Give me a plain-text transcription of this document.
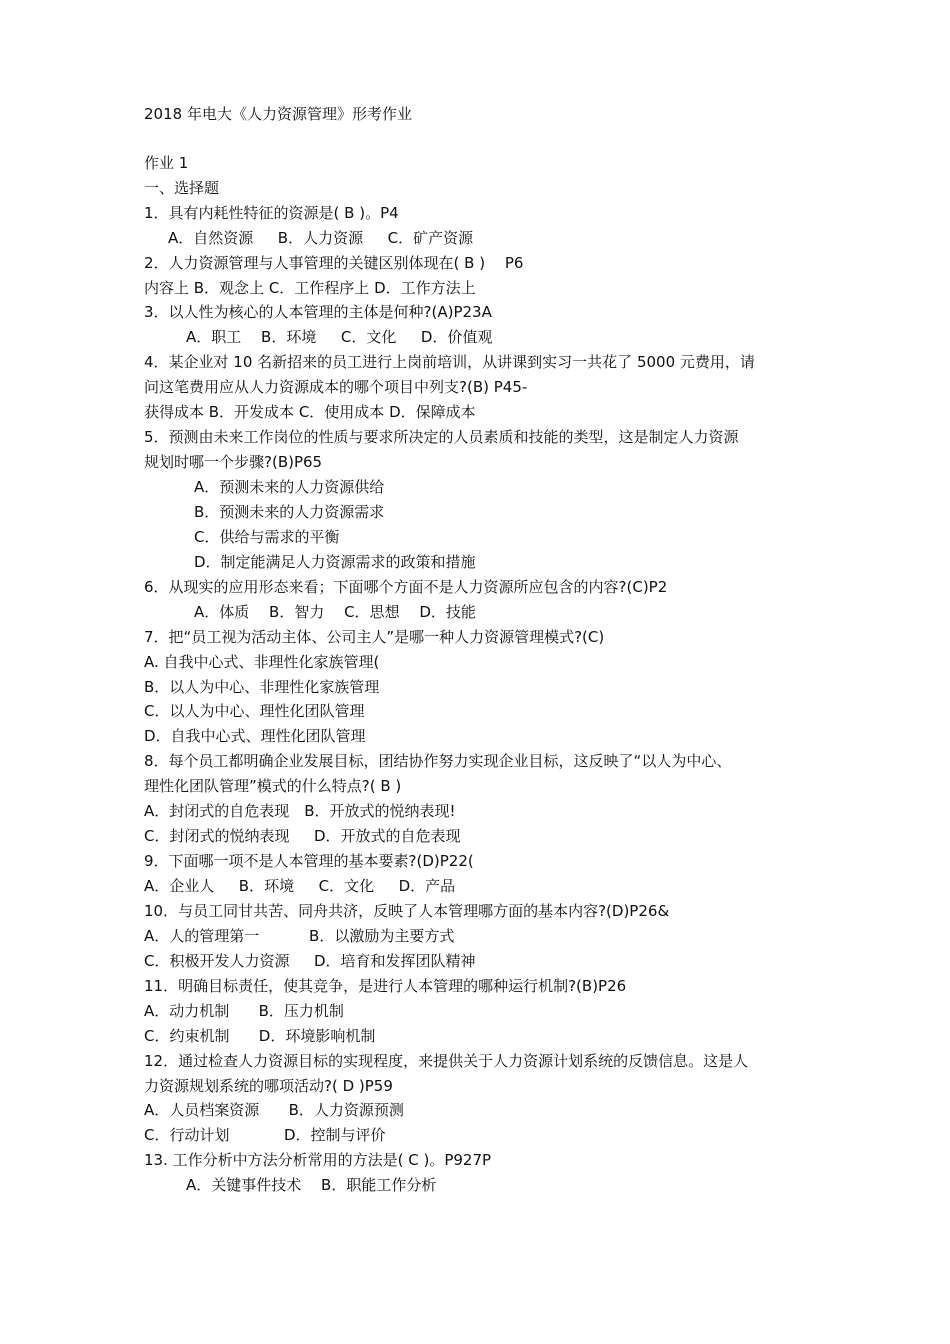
2018 年电大《人力资源管理》形考作业
作业 1
一、选择题
1．具有内耗性特征的资源是( B )。P4
A．自然资源　  B．人力资源　  C．矿产资源
2．人力资源管理与人事管理的关键区别体现在( B )　 P6
内容上 B．观念上 C．工作程序上 D．工作方法上
3．以人性为核心的人本管理的主体是何种?(A)P23A
A．职工　 B．环境　  C．文化　  D．价值观
4．某企业对 10 名新招来的员工进行上岗前培训，从讲课到实习一共花了 5000 元费用，请
问这笔费用应从人力资源成本的哪个项目中列支?(B) P45-
获得成本 B．开发成本 C．使用成本 D．保障成本
5．预测由未来工作岗位的性质与要求所决定的人员素质和技能的类型，这是制定人力资源
规划时哪一个步骤?(B)P65
A．预测未来的人力资源供给
B．预测未来的人力资源需求
C．供给与需求的平衡
D．制定能满足人力资源需求的政策和措施
6．从现实的应用形态来看；下面哪个方面不是人力资源所应包含的内容?(C)P2
A．体质　 B．智力　 C．思想　 D．技能
7．把“员工视为活动主体、公司主人”是哪一种人力资源管理模式?(C)
A. 自我中心式、非理性化家族管理(
B．以人为中心、非理性化家族管理
C．以人为中心、理性化团队管理
D．自我中心式、理性化团队管理
8．每个员工都明确企业发展目标，团结协作努力实现企业目标，这反映了“以人为中心、
理性化团队管理”模式的什么特点?( B )
A．封闭式的自危表现　B．开放式的悦纳表现!
C．封闭式的悦纳表现　  D．开放式的自危表现
9．下面哪一项不是人本管理的基本要素?(D)P22(
A．企业人　  B．环境　  C．文化　  D．产品
10．与员工同甘共苦、同舟共济，反映了人本管理哪方面的基本内容?(D)P26&
A．人的管理第一　　　 B．以激励为主要方式
C．积极开发人力资源　  D．培育和发挥团队精神
11．明确目标责任，使其竞争，是进行人本管理的哪种运行机制?(B)P26
A．动力机制　   B．压力机制
C．约束机制　   D．环境影响机制
12．通过检查人力资源目标的实现程度，来提供关于人力资源计划系统的反馈信息。这是人
力资源规划系统的哪项活动?( D )P59
A．人员档案资源　   B．人力资源预测
C．行动计划　　　  D．控制与评价
13. 工作分析中方法分析常用的方法是( C )。P927P
A．关键事件技术　 B．职能工作分析
